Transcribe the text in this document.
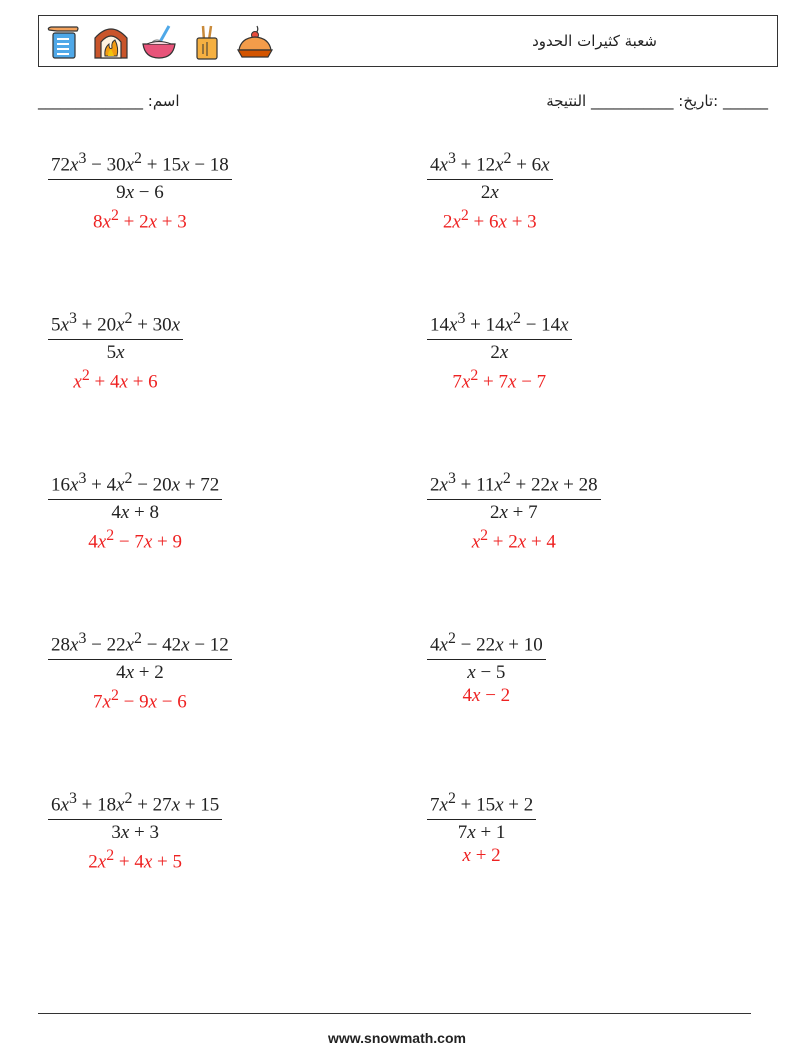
شعبة كثيرات الحدود
______________ :اسم	______ :تاريخ: ___________ النتيجة
$72x^3 - 30x^2 + 15x - 18$
9x − 6
$8x^2 + 2x + 3$
$4x^3 + 12x^2 + 6x$
2x
$2x^2 + 6x + 3$
$5x^3 + 20x^2 + 30x$
5x
$x^2 + 4x + 6$
$14x^3 + 14x^2 - 14x$
2x
$7x^2 + 7x - 7$
$16x^3 + 4x^2 - 20x + 72$
4x + 8
$4x^2 - 7x + 9$
$2x^3 + 11x^2 + 22x + 28$
2x + 7
$x^2 + 2x + 4$
$28x^3 - 22x^2 - 42x - 12$
4x + 2
$7x^2 - 9x - 6$
$4x^2 - 22x + 10$
x − 5
4x − 2
$6x^3 + 18x^2 + 27x + 15$
3x + 3
$2x^2 + 4x + 5$
$7x^2 + 15x + 2$
7x + 1
x + 2
www.snowmath.com
